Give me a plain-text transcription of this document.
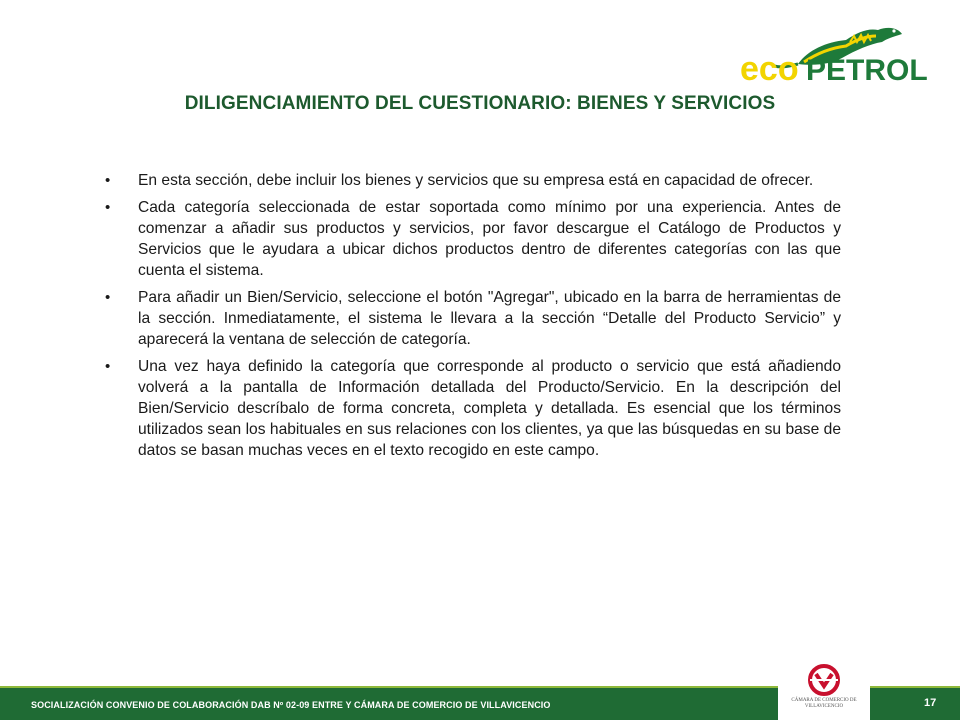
eco PETROL
DILIGENCIAMIENTO DEL CUESTIONARIO: BIENES Y SERVICIOS
• En esta sección, debe incluir los bienes y servicios que su empresa está en capacidad de ofrecer.
• Cada categoría seleccionada de estar soportada como mínimo por una experiencia. Antes de comenzar a añadir sus productos y servicios, por favor descargue el Catálogo de Productos y Servicios que le ayudara a ubicar dichos productos dentro de diferentes categorías con las que cuenta el sistema.
• Para añadir un Bien/Servicio, seleccione el botón "Agregar", ubicado en la barra de herramientas de la sección. Inmediatamente, el sistema le llevara a la sección “Detalle del Producto Servicio” y aparecerá la ventana de selección de categoría.
• Una vez haya definido la categoría que corresponde al producto o servicio que está añadiendo volverá a la pantalla de Información detallada del Producto/Servicio. En la descripción del Bien/Servicio descríbalo de forma concreta, completa y detallada. Es esencial que los términos utilizados sean los habituales en sus relaciones con los clientes, ya que las búsquedas en su base de datos se basan muchas veces en el texto recogido en este campo.
SOCIALIZACIÓN CONVENIO DE COLABORACIÓN DAB Nº 02-09 ENTRE Y CÁMARA DE COMERCIO DE VILLAVICENCIO	17
CÁMARA DE COMERCIO DE VILLAVICENCIO
